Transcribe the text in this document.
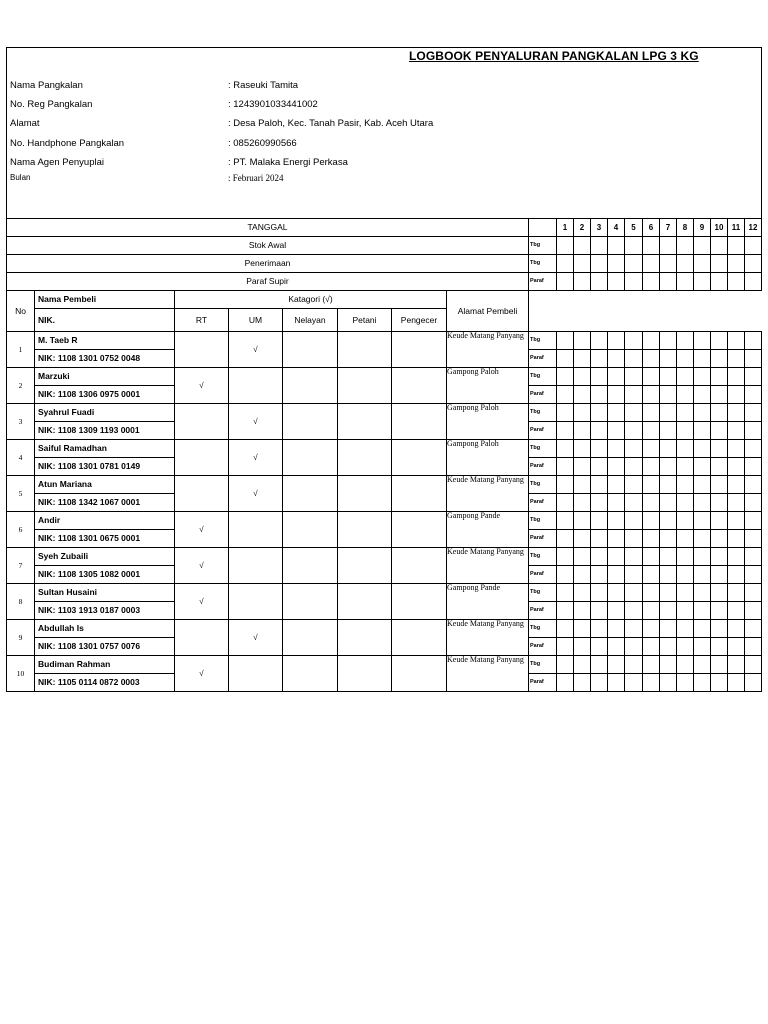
LOGBOOK PENYALURAN PANGKALAN LPG 3 KG
Nama Pangkalan	: Raseuki Tamita
No. Reg Pangkalan	: 1243901033441002
Alamat	: Desa Paloh, Kec. Tanah Pasir, Kab. Aceh Utara
No. Handphone Pangkalan	: 085260990566
Nama Agen Penyuplai	: PT. Malaka Energi Perkasa
Bulan	: Februari 2024
TANGGAL									1	2	3	4	5	6	7	8	9	10	11	12
Stok Awal								Tbg												
Penerimaan								Tbg												
Paraf Supir								Paraf												
No	Nama Pembeli	Katagori (√)					Alamat Pembeli													
	NIK.	RT	UM	Nelayan	Petani	Pengecer														
1	M. Taeb R		√				Keude Matang Panyang	Tbg												
	NIK: 1108 1301 0752 0048							Paraf												
2	Marzuki	√					Gampong Paloh	Tbg												
	NIK: 1108 1306 0975 0001							Paraf												
3	Syahrul Fuadi		√				Gampong Paloh	Tbg												
	NIK: 1108 1309 1193 0001							Paraf												
4	Saiful Ramadhan		√				Gampong Paloh	Tbg												
	NIK: 1108 1301 0781 0149							Paraf												
5	Atun Mariana		√				Keude Matang Panyang	Tbg												
	NIK: 1108 1342 1067 0001							Paraf												
6	Andir	√					Gampong Pande	Tbg												
	NIK: 1108 1301 0675 0001							Paraf												
7	Syeh Zubaili	√					Keude Matang Panyang	Tbg												
	NIK: 1108 1305 1082 0001							Paraf												
8	Sultan Husaini	√					Gampong Pande	Tbg												
	NIK: 1103 1913 0187 0003							Paraf												
9	Abdullah Is		√				Keude Matang Panyang	Tbg												
	NIK: 1108 1301 0757 0076							Paraf												
10	Budiman Rahman	√					Keude Matang Panyang	Tbg												
	NIK: 1105 0114 0872 0003							Paraf												
